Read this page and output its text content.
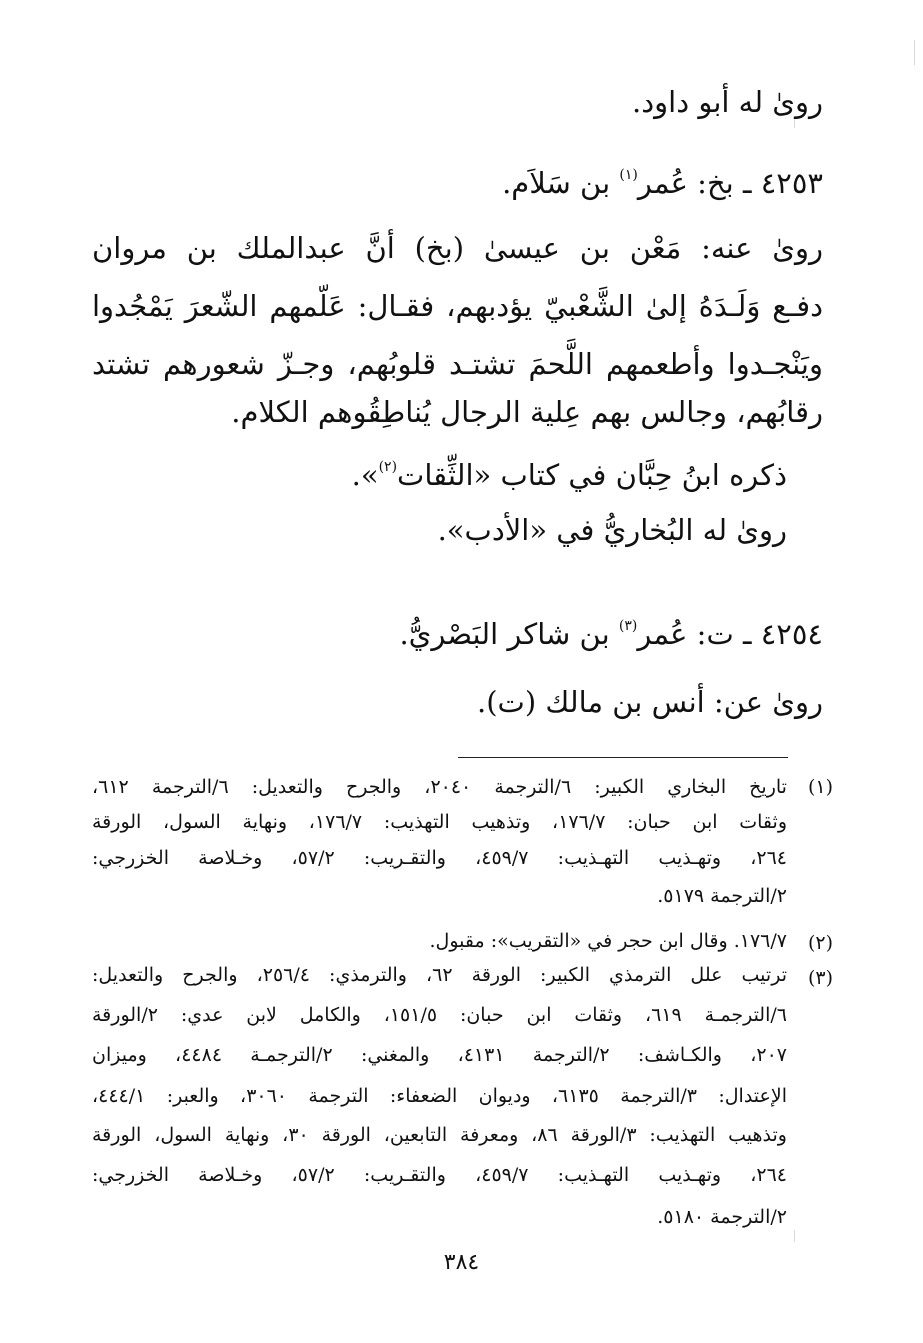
رویٰ له أبو داود.
٤٢٥٣ ـ بخ: عُمر$^{(١)}$ بن سَلاَم.
رویٰ عنه: مَعْن بن عيسیٰ (بخ) أنَّ عبدالملك بن مروان
دفـع وَلَـدَهُ إلیٰ الشَّعْبيّ يؤدبهم، فقـال: عَلّمهم الشّعرَ يَمْجُدوا
ويَنْجـدوا وأطعمهم اللَّحمَ تشتـد قلوبُهم، وجـزّ شعورهم تشتد
رقابُهم، وجالس بهم عِلية الرجال يُناطِقُوهم الكلام.
ذكره ابنُ حِبَّان في كتاب «الثِّقات$^{(٢)}$».
رویٰ له البُخاريُّ في «الأدب».
٤٢٥٤ ـ ت: عُمر$^{(٣)}$ بن شاكر البَصْريُّ.
رویٰ عن: أنس بن مالك (ت).
(١)
تاريخ البخاري الكبير: ٦/الترجمة ٢٠٤٠، والجرح والتعديل: ٦/الترجمة ٦١٢،
وثقات ابن حبان: ١٧٦/٧، وتذهيب التهذيب: ١٧٦/٧، ونهاية السول، الورقة
٢٦٤، وتهـذيب التهـذيب: ٤٥٩/٧، والتقـريب: ٥٧/٢، وخـلاصة الخزرجي:
٢/الترجمة ٥١٧٩.
(٢)
١٧٦/٧. وقال ابن حجر في «التقريب»: مقبول.
(٣)
ترتيب علل الترمذي الكبير: الورقة ٦٢، والترمذي: ٢٥٦/٤، والجرح والتعديل:
٦/الترجمـة ٦١٩، وثقات ابن حبان: ١٥١/٥، والكامل لابن عدي: ٢/الورقة
٢٠٧، والكـاشف: ٢/الترجمة ٤١٣١، والمغني: ٢/الترجمـة ٤٤٨٤، وميزان
الإعتدال: ٣/الترجمة ٦١٣٥، وديوان الضعفاء: الترجمة ٣٠٦٠، والعبر: ٤٤٤/١،
وتذهيب التهذيب: ٣/الورقة ٨٦، ومعرفة التابعين، الورقة ٣٠، ونهاية السول، الورقة
٢٦٤، وتهـذيب التهـذيب: ٤٥٩/٧، والتقـريب: ٥٧/٢، وخـلاصة الخزرجي:
٢/الترجمة ٥١٨٠.
٣٨٤
